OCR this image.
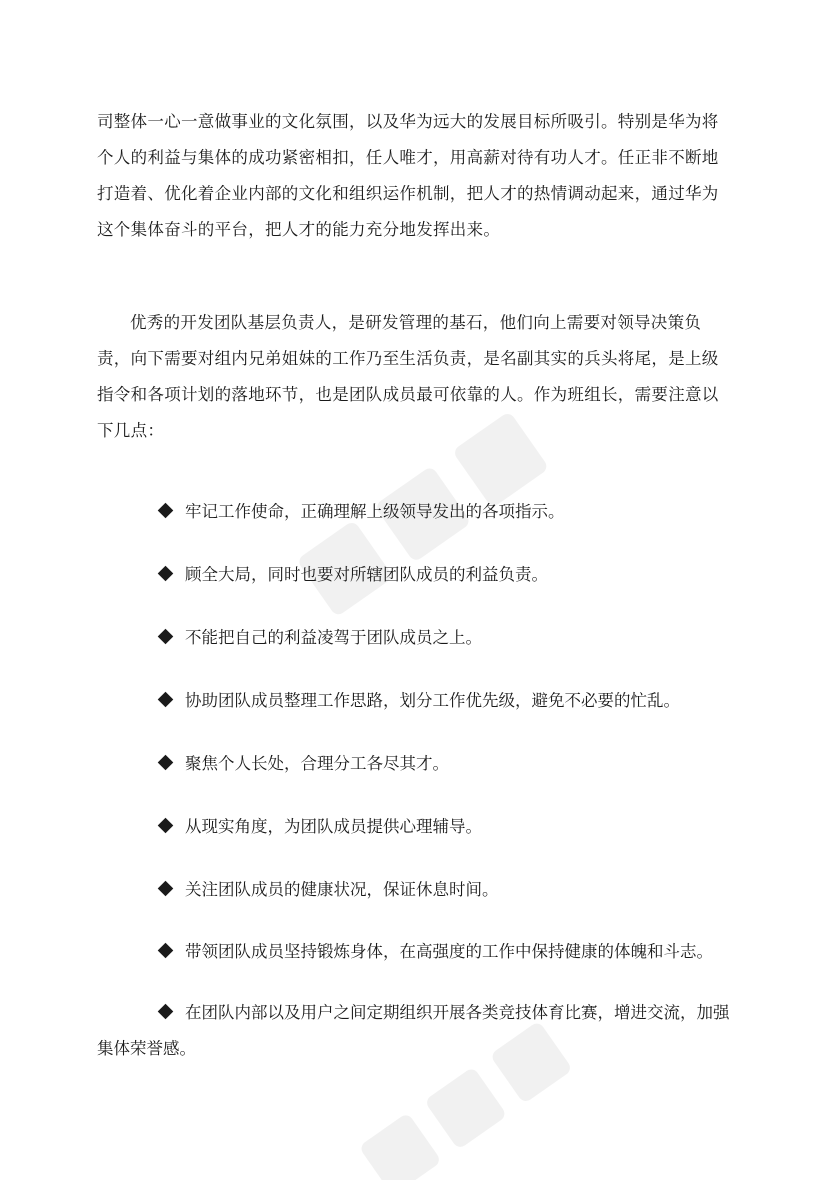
司整体一心一意做事业的文化氛围，以及华为远大的发展目标所吸引。特别是华为将个人的利益与集体的成功紧密相扣，任人唯才，用高薪对待有功人才。任正非不断地打造着、优化着企业内部的文化和组织运作机制，把人才的热情调动起来，通过华为这个集体奋斗的平台，把人才的能力充分地发挥出来。

优秀的开发团队基层负责人，是研发管理的基石，他们向上需要对领导决策负责，向下需要对组内兄弟姐妹的工作乃至生活负责，是名副其实的兵头将尾，是上级指令和各项计划的落地环节，也是团队成员最可依靠的人。作为班组长，需要注意以下几点：

牢记工作使命，正确理解上级领导发出的各项指示。
顾全大局，同时也要对所辖团队成员的利益负责。
不能把自己的利益凌驾于团队成员之上。
协助团队成员整理工作思路，划分工作优先级，避免不必要的忙乱。
聚焦个人长处，合理分工各尽其才。
从现实角度，为团队成员提供心理辅导。
关注团队成员的健康状况，保证休息时间。
带领团队成员坚持锻炼身体，在高强度的工作中保持健康的体魄和斗志。
在团队内部以及用户之间定期组织开展各类竞技体育比赛，增进交流，加强集体荣誉感。
